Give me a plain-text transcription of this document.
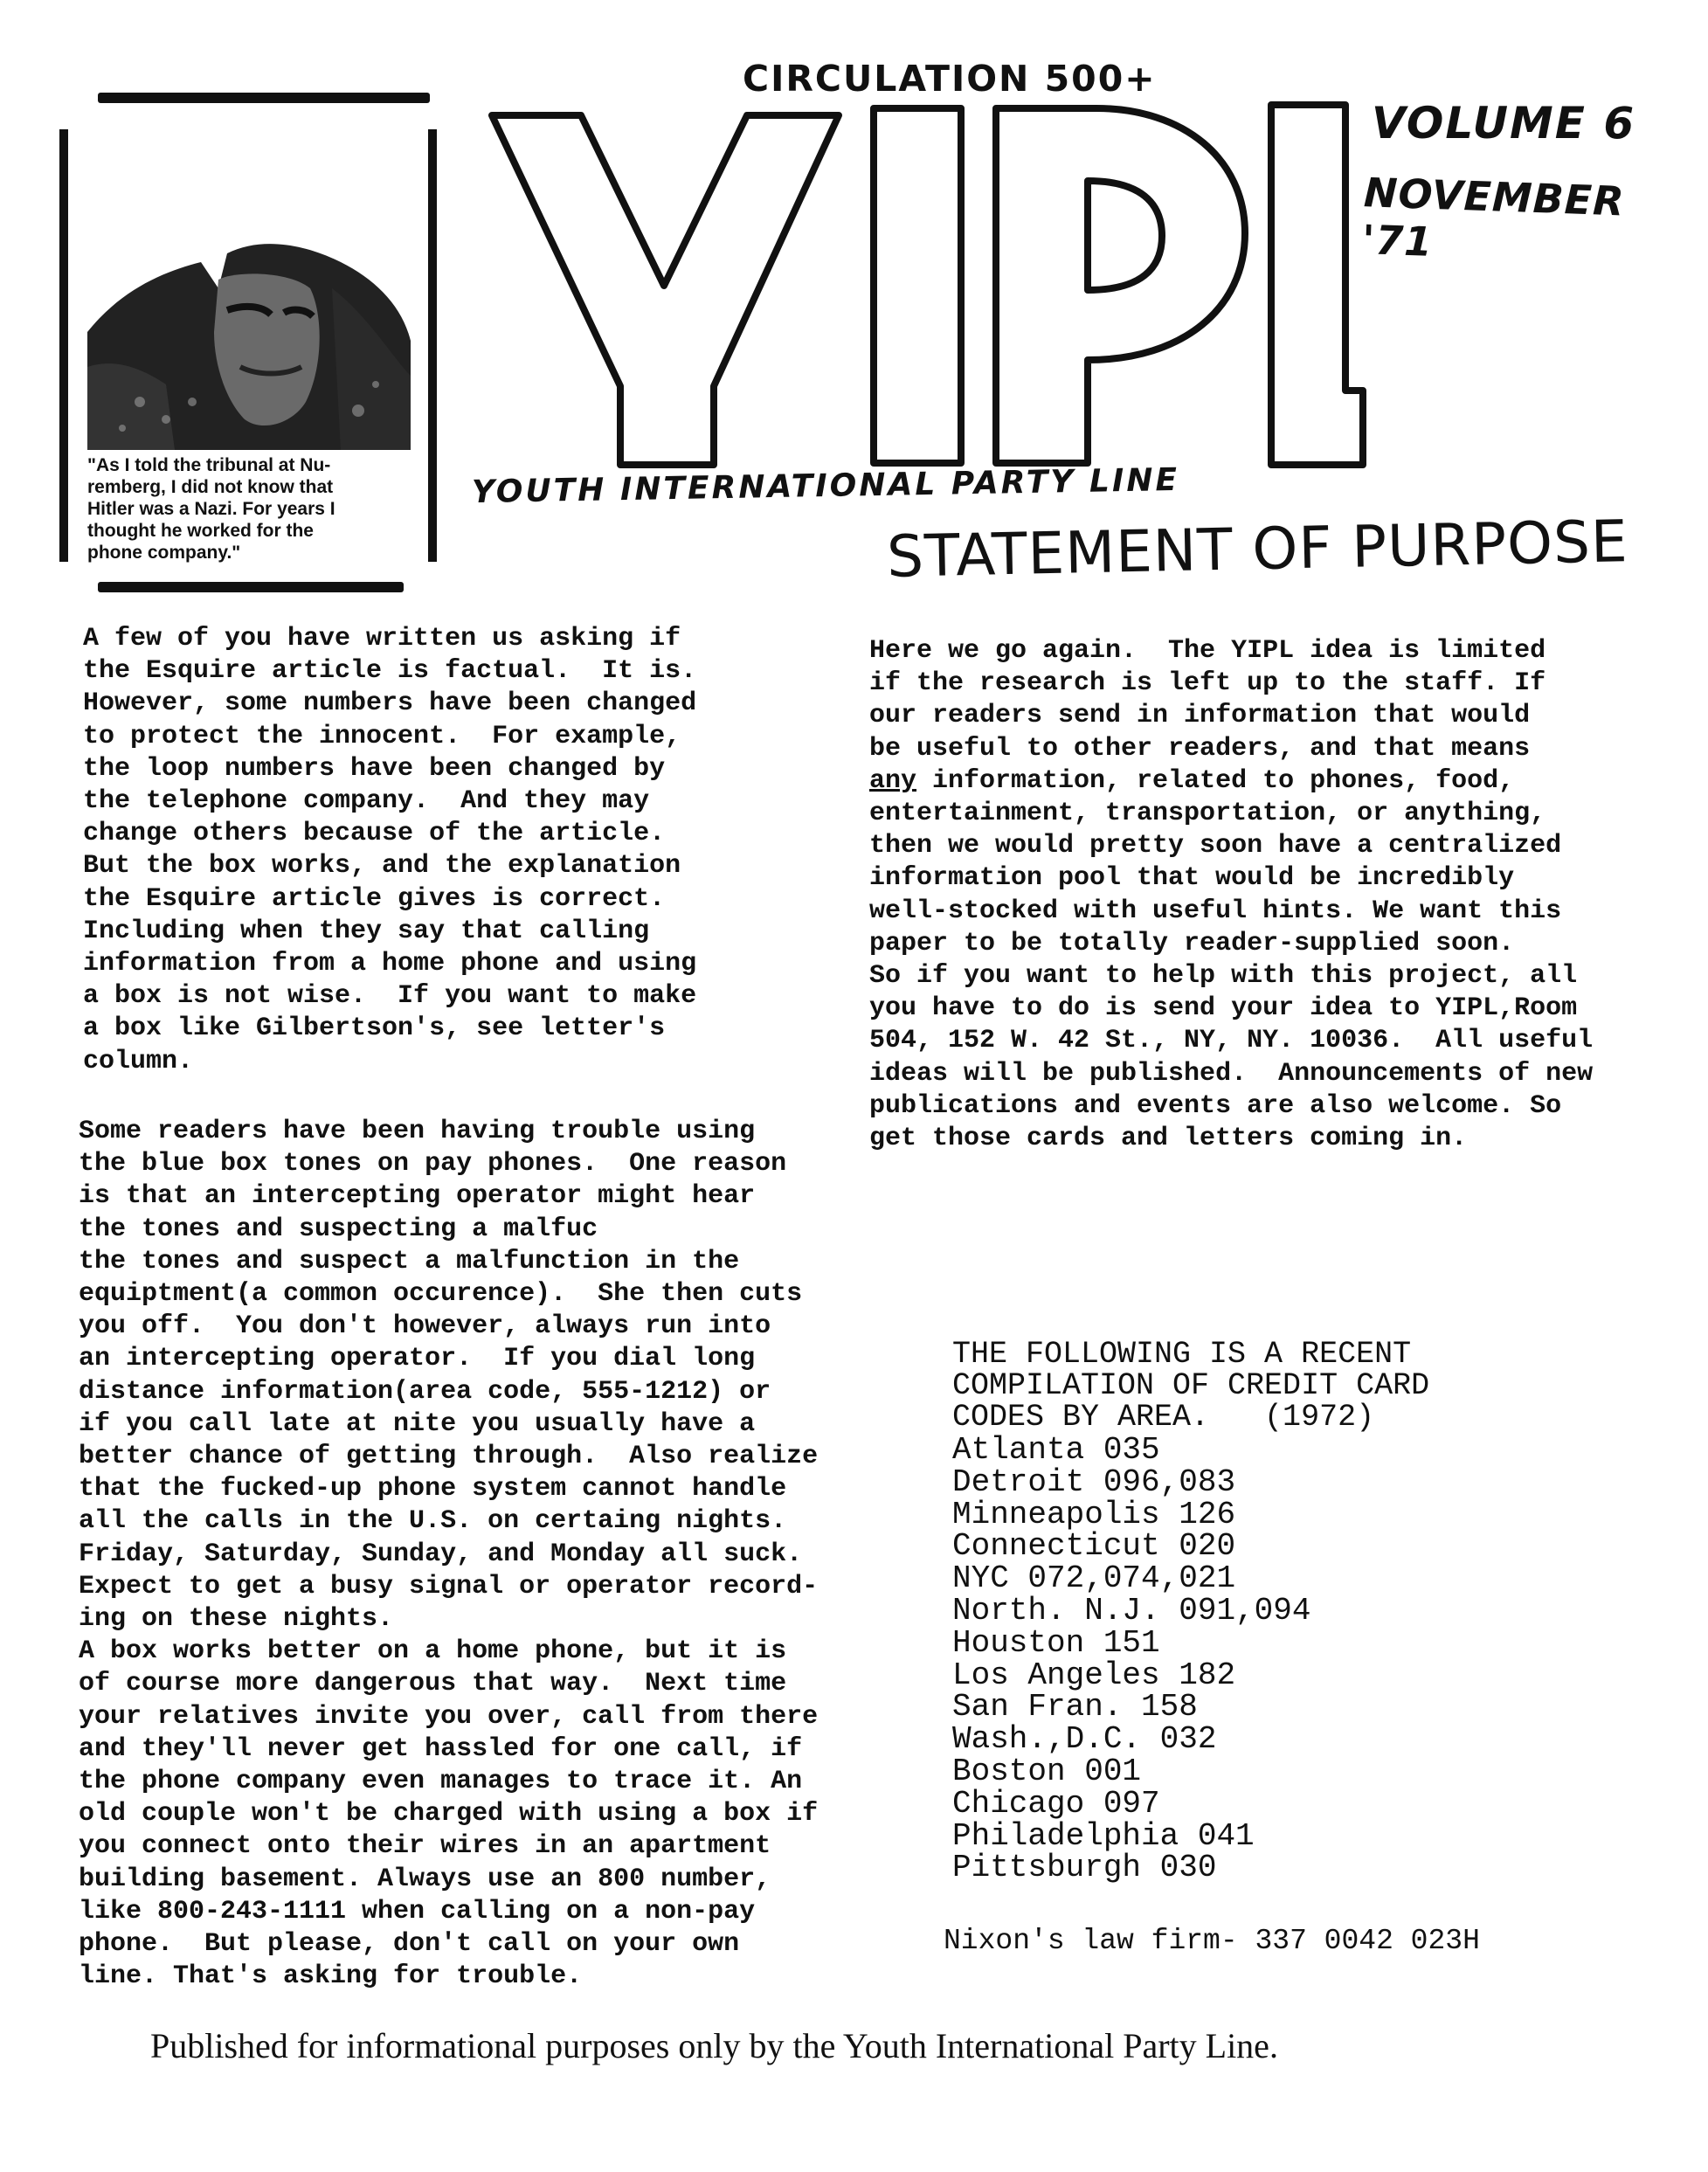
"As I told the tribunal at Nu-
remberg, I did not know that
Hitler was a Nazi. For years I
thought he worked for the
phone company."
CIRCULATION 500+
YOUTH INTERNATIONAL PARTY LINE
VOLUME 6
NOVEMBER '71
STATEMENT OF PURPOSE
A few of you have written us asking if
the Esquire article is factual.  It is.
However, some numbers have been changed
to protect the innocent.  For example,
the loop numbers have been changed by
the telephone company.  And they may
change others because of the article.
But the box works, and the explanation
the Esquire article gives is correct.
Including when they say that calling
information from a home phone and using
a box is not wise.  If you want to make
a box like Gilbertson's, see letter's
column.
Some readers have been having trouble using
the blue box tones on pay phones.  One reason
is that an intercepting operator might hear
the tones and suspecting a malfuc
the tones and suspect a malfunction in the
equiptment(a common occurence).  She then cuts
you off.  You don't however, always run into
an intercepting operator.  If you dial long
distance information(area code, 555-1212) or
if you call late at nite you usually have a
better chance of getting through.  Also realize
that the fucked-up phone system cannot handle
all the calls in the U.S. on certaing nights.
Friday, Saturday, Sunday, and Monday all suck.
Expect to get a busy signal or operator record-
ing on these nights.
A box works better on a home phone, but it is
of course more dangerous that way.  Next time
your relatives invite you over, call from there
and they'll never get hassled for one call, if
the phone company even manages to trace it. An
old couple won't be charged with using a box if
you connect onto their wires in an apartment
building basement. Always use an 800 number,
like 800-243-1111 when calling on a non-pay
phone.  But please, don't call on your own
line. That's asking for trouble.
Here we go again.  The YIPL idea is limited
if the research is left up to the staff. If
our readers send in information that would
be useful to other readers, and that means
any information, related to phones, food,
entertainment, transportation, or anything,
then we would pretty soon have a centralized
information pool that would be incredibly
well-stocked with useful hints. We want this
paper to be totally reader-supplied soon.
So if you want to help with this project, all
you have to do is send your idea to YIPL,Room
504, 152 W. 42 St., NY, NY. 10036.  All useful
ideas will be published.  Announcements of new
publications and events are also welcome. So
get those cards and letters coming in.
THE FOLLOWING IS A RECENT
COMPILATION OF CREDIT CARD
CODES BY AREA.   (1972)
Atlanta 035
Detroit 096,083
Minneapolis 126
Connecticut 020
NYC 072,074,021
North. N.J. 091,094
Houston 151
Los Angeles 182
San Fran. 158
Wash.,D.C. 032
Boston 001
Chicago 097
Philadelphia 041
Pittsburgh 030
Nixon's law firm- 337 0042 023H
Published for informational purposes only by the Youth International Party Line.
